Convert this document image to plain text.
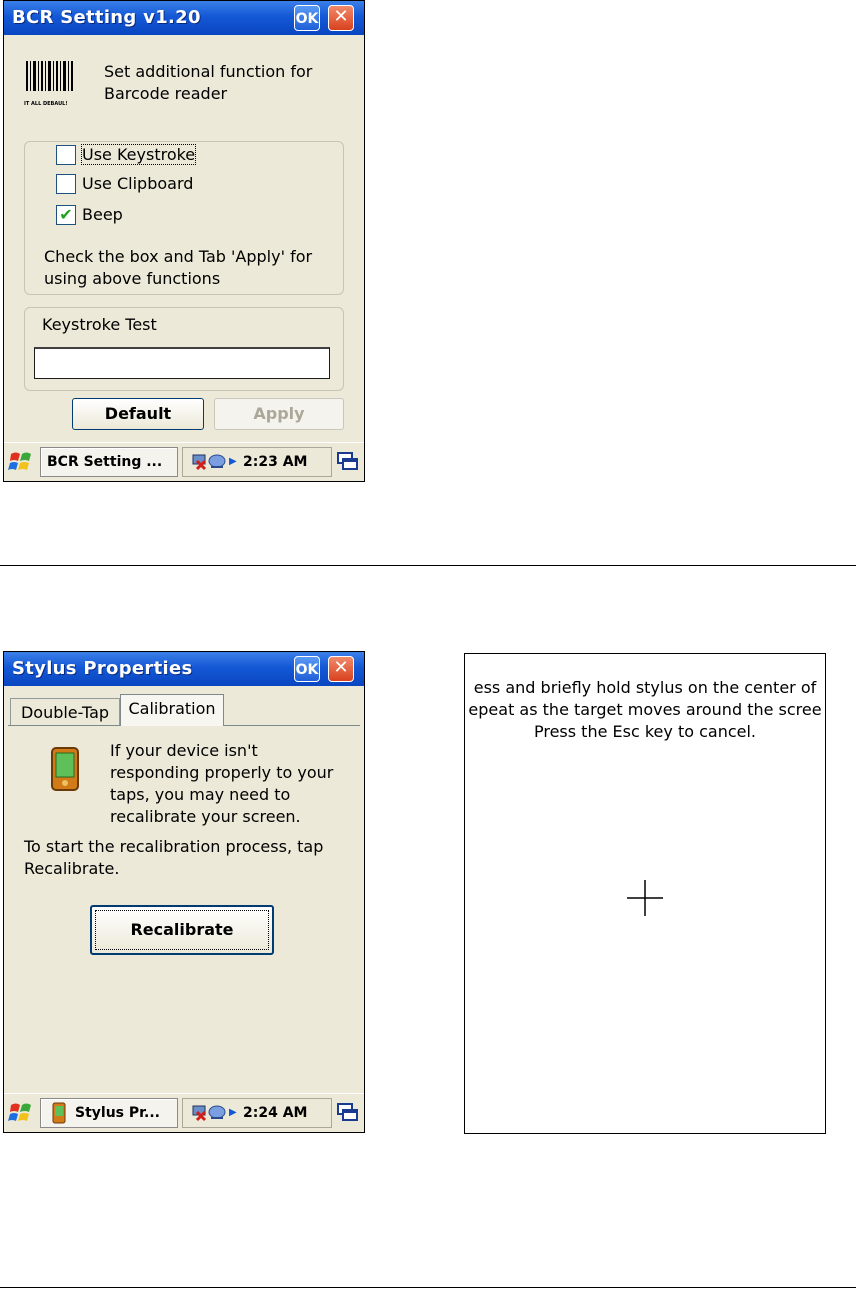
BCR Setting v1.20	OK ✕
IT ALL DEBAUL!
Set additional function for
Barcode reader
Use Keystroke
Use Clipboard
✔ Beep
Check the box and Tab 'Apply' for
using above functions
Keystroke Test
Default	Apply
BCR Setting ...	▶ 2:23 AM
Stylus Properties	OK ✕
Double-Tap	Calibration
If your device isn't
responding properly to your
taps, you may need to
recalibrate your screen.
To start the recalibration process, tap
Recalibrate.
Recalibrate
Stylus Pr...	▶ 2:24 AM
ess and briefly hold stylus on the center of
epeat as the target moves around the scree
Press the Esc key to cancel.
